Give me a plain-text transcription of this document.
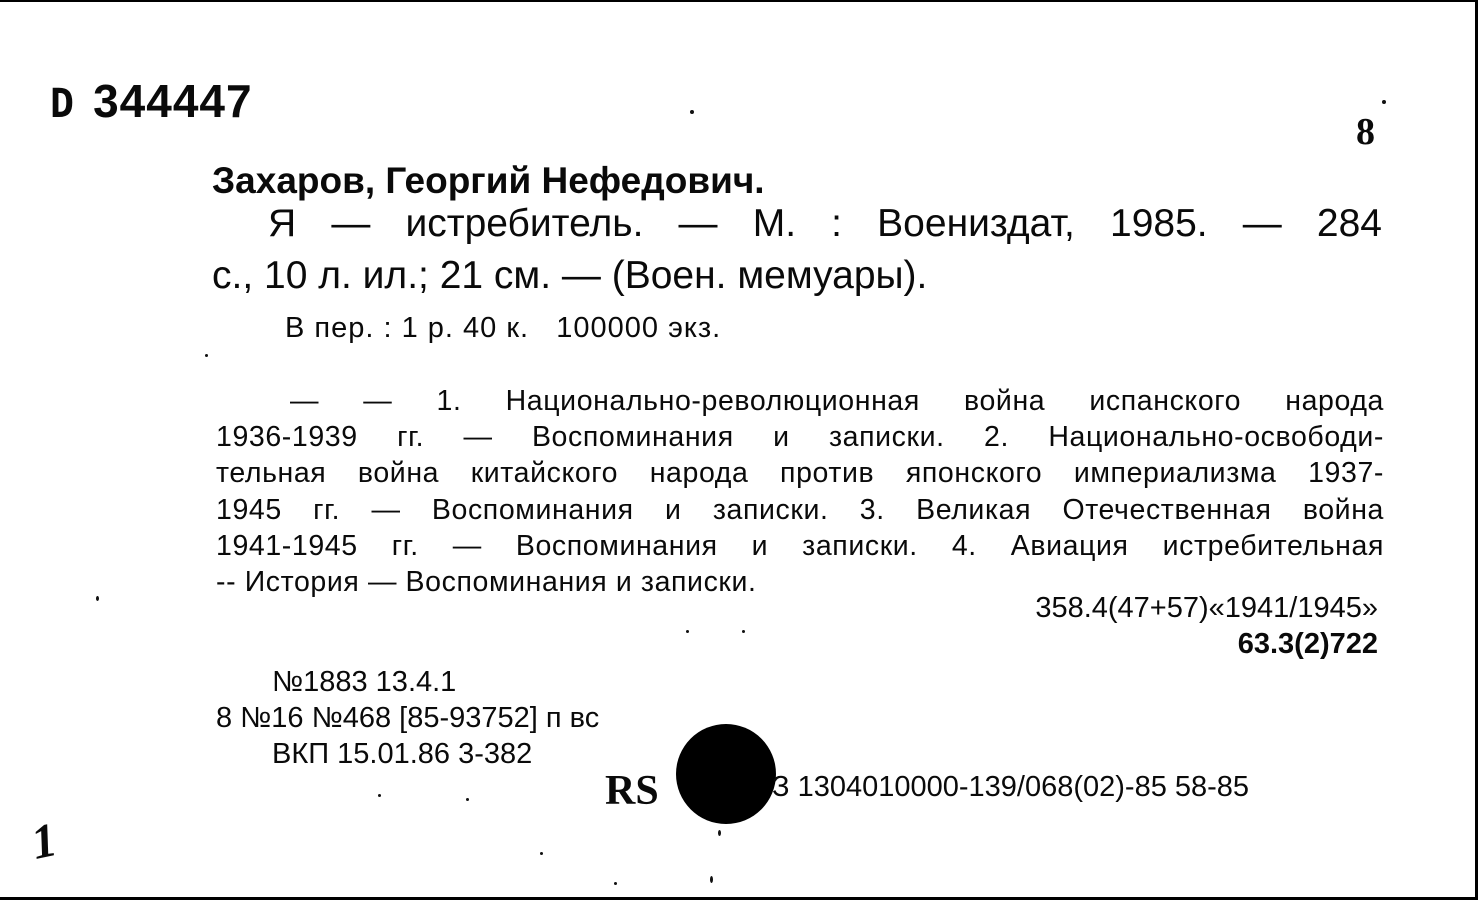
D 344447
8
Захаров, Георгий Нефедович.
Я — истребитель. — М. : Воениздат, 1985. — 284
с., 10 л. ил.; 21 см. — (Воен. мемуары).
В пер. : 1 р. 40 к.   100000 экз.
— — 1. Национально-революционная война испанского народа
1936-1939 гг. — Воспоминания и записки. 2. Национально-освободи-
тельная война китайского народа против японского империализма 1937-
1945 гг. — Воспоминания и записки. 3. Великая Отечественная война
1941-1945 гг. — Воспоминания и записки. 4. Авиация истребительная
-- История — Воспоминания и записки.
358.4(47+57)«1941/1945»
63.3(2)722
№1883 13.4.1
8 №16 №468 [85-93752] п вс
ВКП 15.01.86 3-382
RS	З 1304010000-139/068(02)-85 58-85
1
